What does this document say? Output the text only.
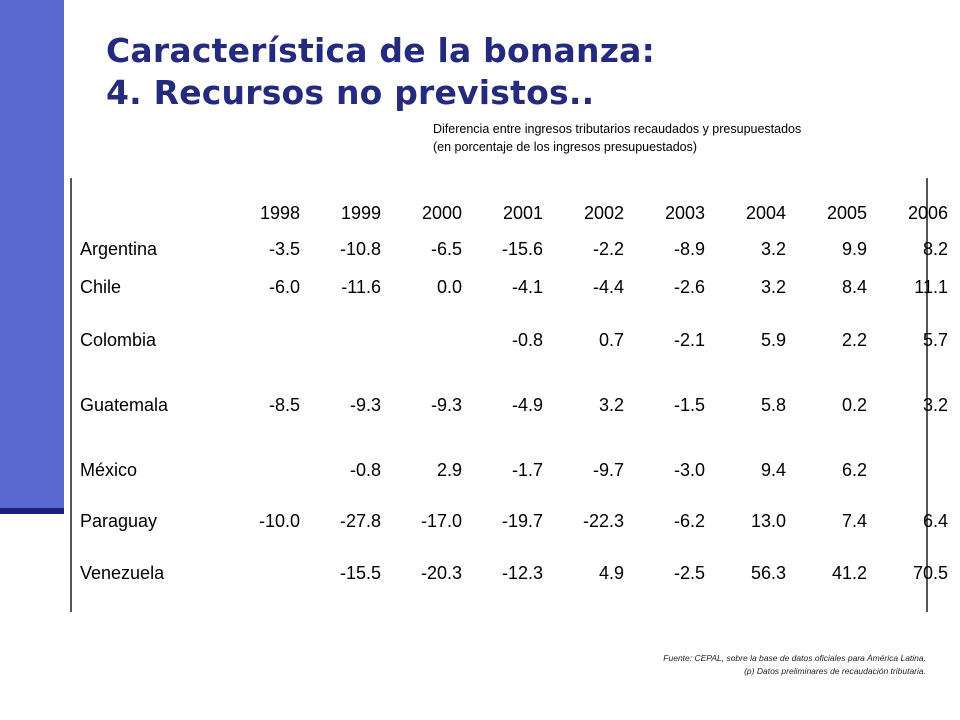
Característica de la bonanza:
4. Recursos no previstos..
Diferencia entre ingresos tributarios recaudados y presupuestados
(en porcentaje de los ingresos presupuestados)
	1998	1999	2000	2001	2002	2003	2004	2005	2006
Argentina	-3.5	-10.8	-6.5	-15.6	-2.2	-8.9	3.2	9.9	8.2
Chile	-6.0	-11.6	0.0	-4.1	-4.4	-2.6	3.2	8.4	11.1
Colombia				-0.8	0.7	-2.1	5.9	2.2	5.7
Guatemala	-8.5	-9.3	-9.3	-4.9	3.2	-1.5	5.8	0.2	3.2
México		-0.8	2.9	-1.7	-9.7	-3.0	9.4	6.2	
Paraguay	-10.0	-27.8	-17.0	-19.7	-22.3	-6.2	13.0	7.4	6.4
Venezuela		-15.5	-20.3	-12.3	4.9	-2.5	56.3	41.2	70.5
Fuente: CEPAL, sobre la base de datos oficiales para América Latina.
(p) Datos preliminares de recaudación tributaria.
